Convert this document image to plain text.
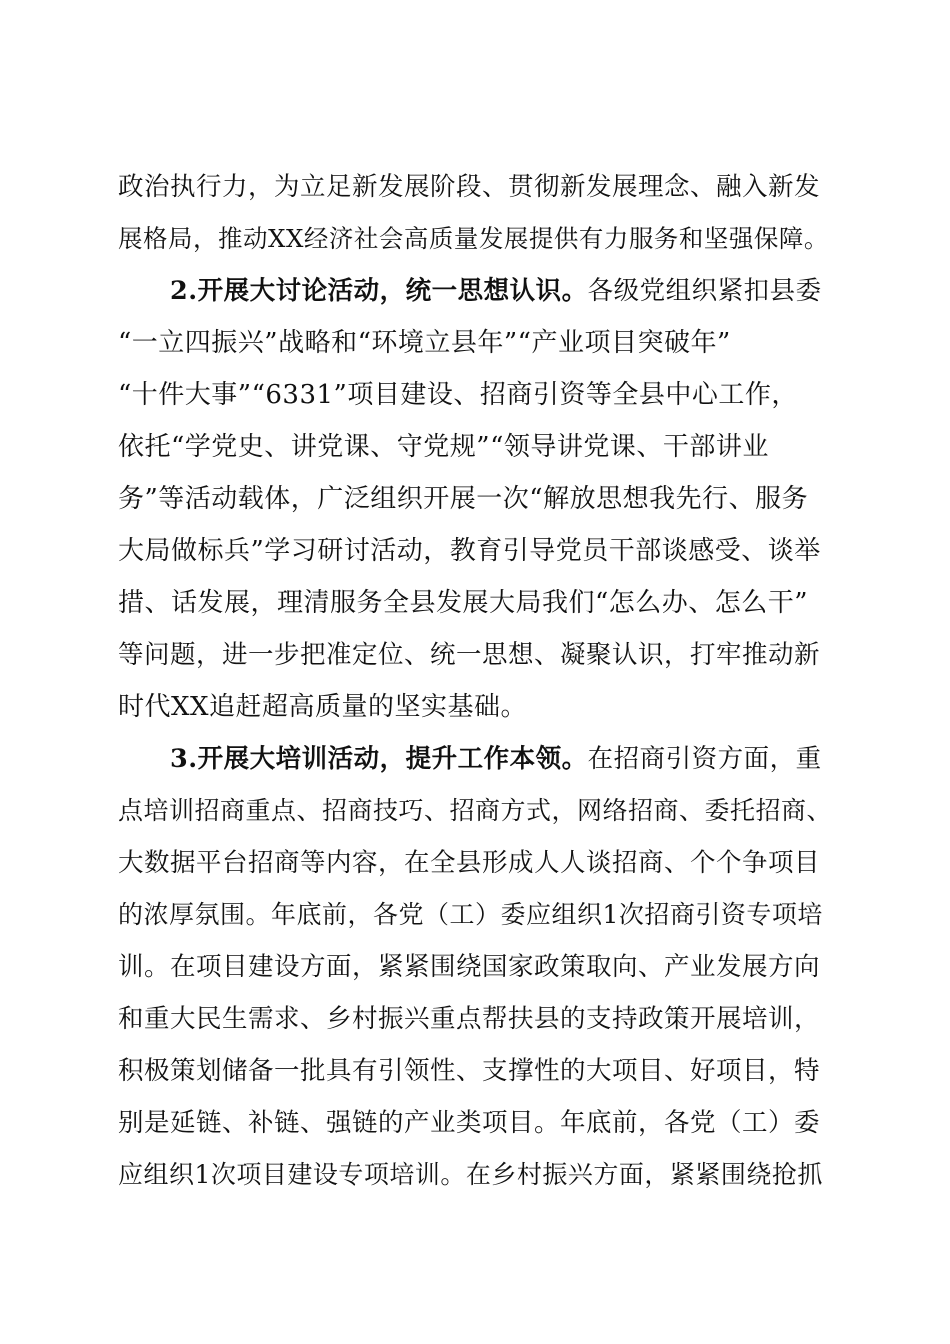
政治执行力，为立足新发展阶段、贯彻新发展理念、融入新发
展格局，推动XX经济社会高质量发展提供有力服务和坚强保障。
2.开展大讨论活动，统一思想认识。各级党组织紧扣县委
“一立四振兴”战略和“环境立县年”“产业项目突破年”
“十件大事”“6331”项目建设、招商引资等全县中心工作，
依托“学党史、讲党课、守党规”“领导讲党课、干部讲业
务”等活动载体，广泛组织开展一次“解放思想我先行、服务
大局做标兵”学习研讨活动，教育引导党员干部谈感受、谈举
措、话发展，理清服务全县发展大局我们“怎么办、怎么干”
等问题，进一步把准定位、统一思想、凝聚认识，打牢推动新
时代XX追赶超高质量的坚实基础。
3.开展大培训活动，提升工作本领。在招商引资方面，重
点培训招商重点、招商技巧、招商方式，网络招商、委托招商、
大数据平台招商等内容，在全县形成人人谈招商、个个争项目
的浓厚氛围。年底前，各党（工）委应组织1次招商引资专项培
训。在项目建设方面，紧紧围绕国家政策取向、产业发展方向
和重大民生需求、乡村振兴重点帮扶县的支持政策开展培训，
积极策划储备一批具有引领性、支撑性的大项目、好项目，特
别是延链、补链、强链的产业类项目。年底前，各党（工）委
应组织1次项目建设专项培训。在乡村振兴方面，紧紧围绕抢抓
